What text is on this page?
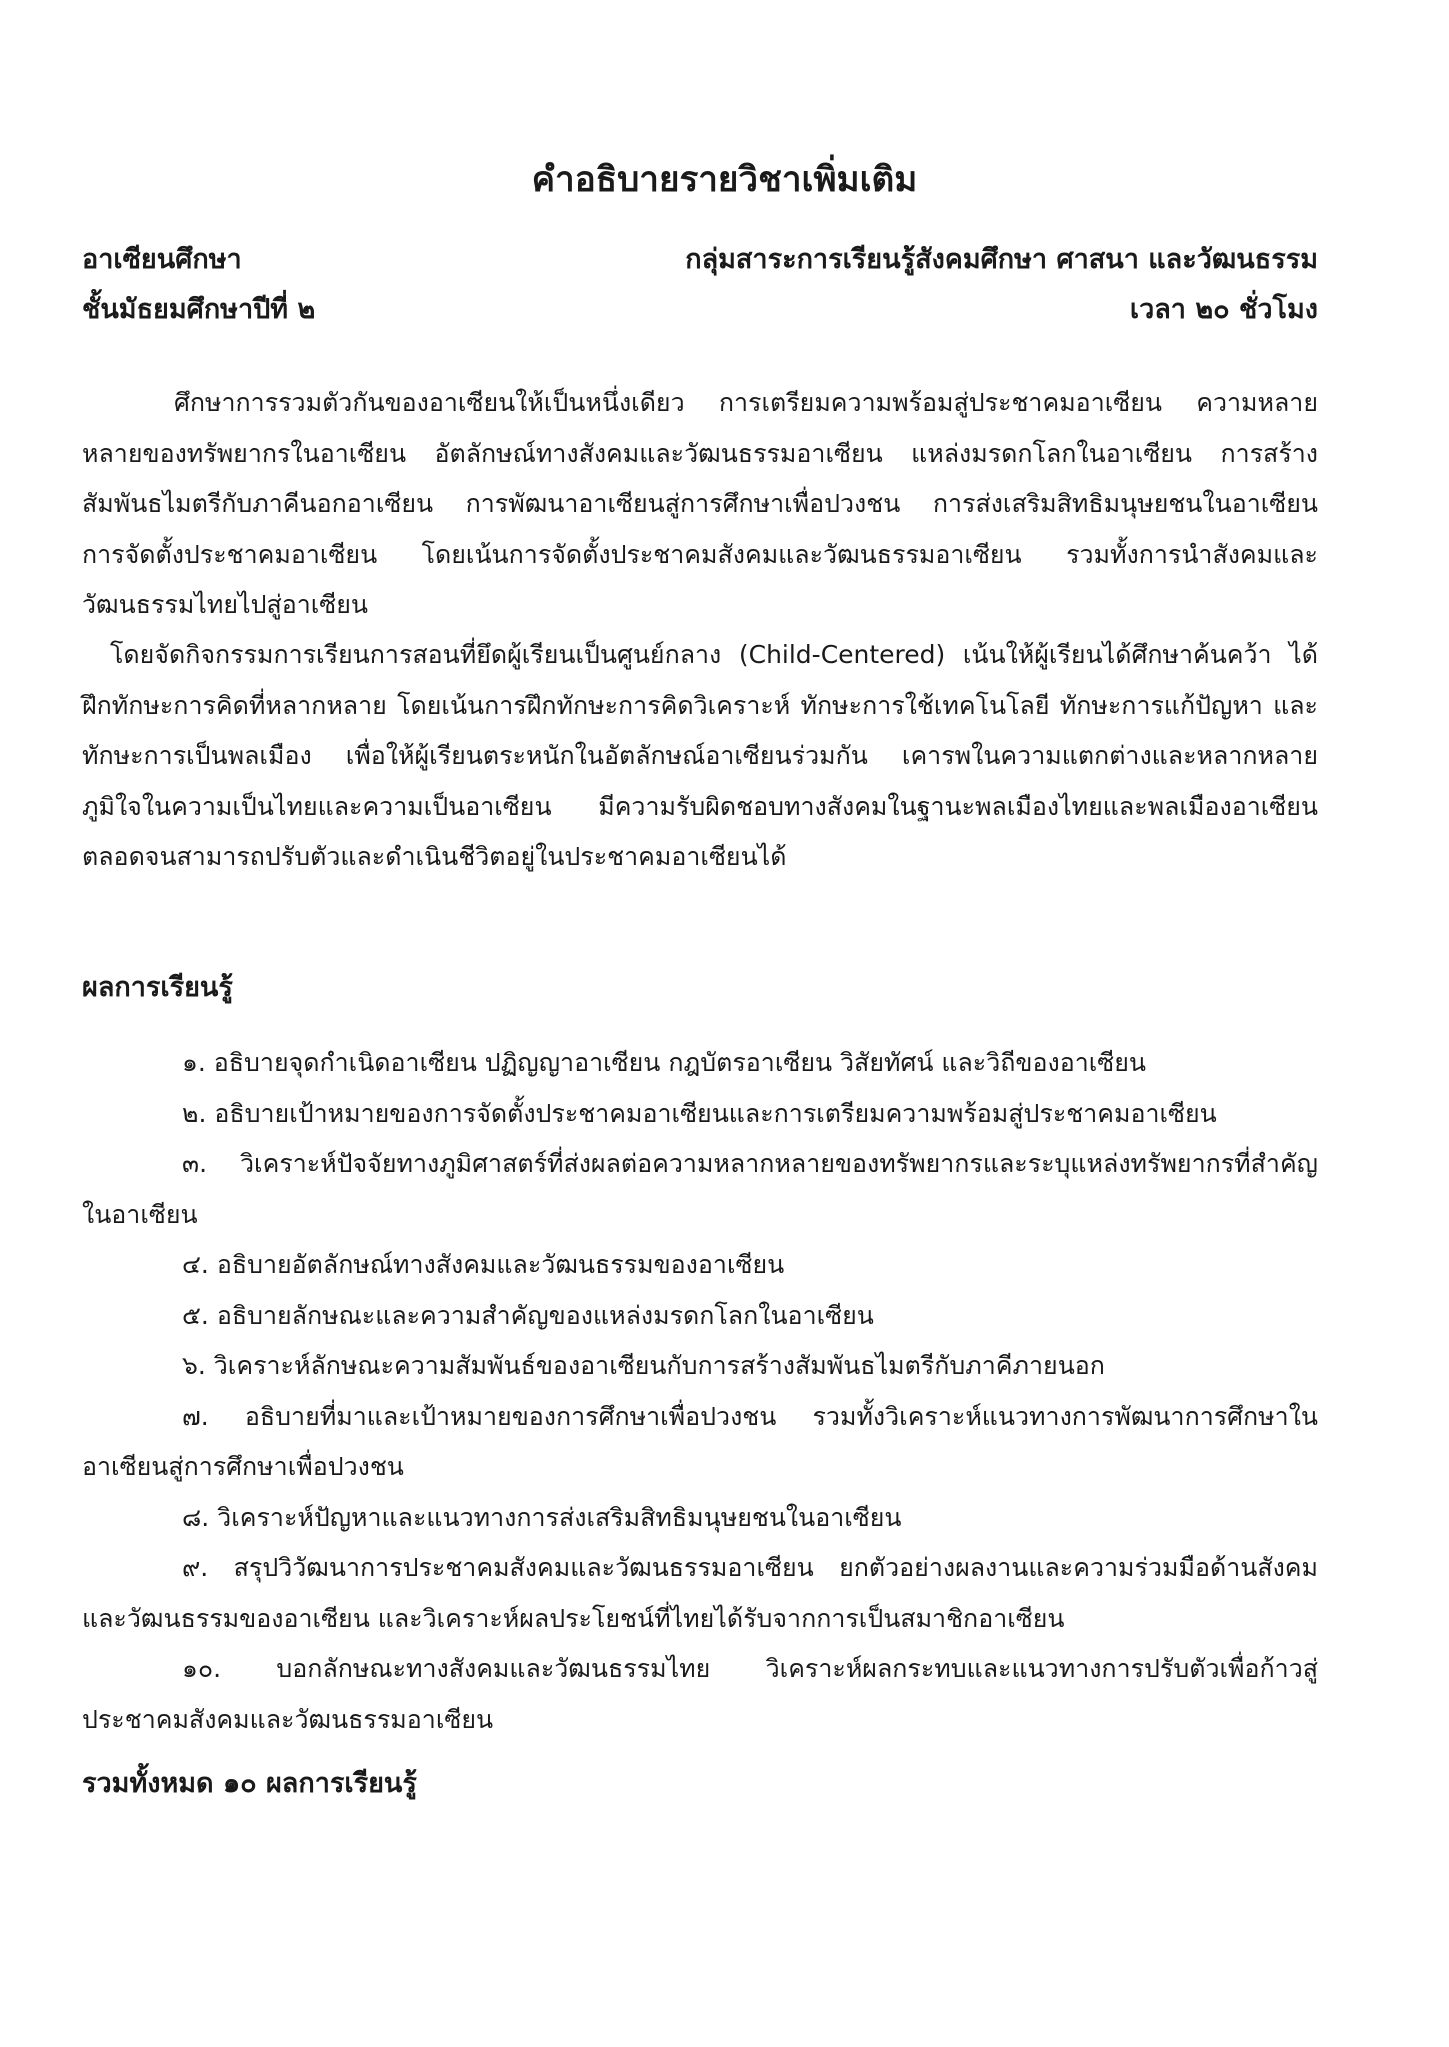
คำอธิบายรายวิชาเพิ่มเติม
อาเซียนศึกษา	กลุ่มสาระการเรียนรู้สังคมศึกษา ศาสนา และวัฒนธรรม
ชั้นมัธยมศึกษาปีที่ ๒	เวลา ๒๐ ชั่วโมง

ศึกษาการรวมตัวกันของอาเซียนให้เป็นหนึ่งเดียว การเตรียมความพร้อมสู่ประชาคมอาเซียน ความหลายหลายของทรัพยากรในอาเซียน อัตลักษณ์ทางสังคมและวัฒนธรรมอาเซียน แหล่งมรดกโลกในอาเซียน การสร้างสัมพันธไมตรีกับภาคีนอกอาเซียน การพัฒนาอาเซียนสู่การศึกษาเพื่อปวงชน การส่งเสริมสิทธิมนุษยชนในอาเซียน การจัดตั้งประชาคมอาเซียน โดยเน้นการจัดตั้งประชาคมสังคมและวัฒนธรรมอาเซียน รวมทั้งการนำสังคมและวัฒนธรรมไทยไปสู่อาเซียน

โดยจัดกิจกรรมการเรียนการสอนที่ยึดผู้เรียนเป็นศูนย์กลาง (Child-Centered) เน้นให้ผู้เรียนได้ศึกษาค้นคว้า ได้ฝึกทักษะการคิดที่หลากหลาย โดยเน้นการฝึกทักษะการคิดวิเคราะห์ ทักษะการใช้เทคโนโลยี ทักษะการแก้ปัญหา และทักษะการเป็นพลเมือง เพื่อให้ผู้เรียนตระหนักในอัตลักษณ์อาเซียนร่วมกัน เคารพในความแตกต่างและหลากหลาย ภูมิใจในความเป็นไทยและความเป็นอาเซียน มีความรับผิดชอบทางสังคมในฐานะพลเมืองไทยและพลเมืองอาเซียน ตลอดจนสามารถปรับตัวและดำเนินชีวิตอยู่ในประชาคมอาเซียนได้

ผลการเรียนรู้
๑. อธิบายจุดกำเนิดอาเซียน ปฏิญญาอาเซียน กฎบัตรอาเซียน วิสัยทัศน์ และวิถีของอาเซียน
๒. อธิบายเป้าหมายของการจัดตั้งประชาคมอาเซียนและการเตรียมความพร้อมสู่ประชาคมอาเซียน
๓. วิเคราะห์ปัจจัยทางภูมิศาสตร์ที่ส่งผลต่อความหลากหลายของทรัพยากรและระบุแหล่งทรัพยากรที่สำคัญในอาเซียน
๔. อธิบายอัตลักษณ์ทางสังคมและวัฒนธรรมของอาเซียน
๕. อธิบายลักษณะและความสำคัญของแหล่งมรดกโลกในอาเซียน
๖. วิเคราะห์ลักษณะความสัมพันธ์ของอาเซียนกับการสร้างสัมพันธไมตรีกับภาคีภายนอก
๗. อธิบายที่มาและเป้าหมายของการศึกษาเพื่อปวงชน รวมทั้งวิเคราะห์แนวทางการพัฒนาการศึกษาในอาเซียนสู่การศึกษาเพื่อปวงชน
๘. วิเคราะห์ปัญหาและแนวทางการส่งเสริมสิทธิมนุษยชนในอาเซียน
๙. สรุปวิวัฒนาการประชาคมสังคมและวัฒนธรรมอาเซียน ยกตัวอย่างผลงานและความร่วมมือด้านสังคมและวัฒนธรรมของอาเซียน และวิเคราะห์ผลประโยชน์ที่ไทยได้รับจากการเป็นสมาชิกอาเซียน
๑๐. บอกลักษณะทางสังคมและวัฒนธรรมไทย วิเคราะห์ผลกระทบและแนวทางการปรับตัวเพื่อก้าวสู่ประชาคมสังคมและวัฒนธรรมอาเซียน
รวมทั้งหมด ๑๐ ผลการเรียนรู้
